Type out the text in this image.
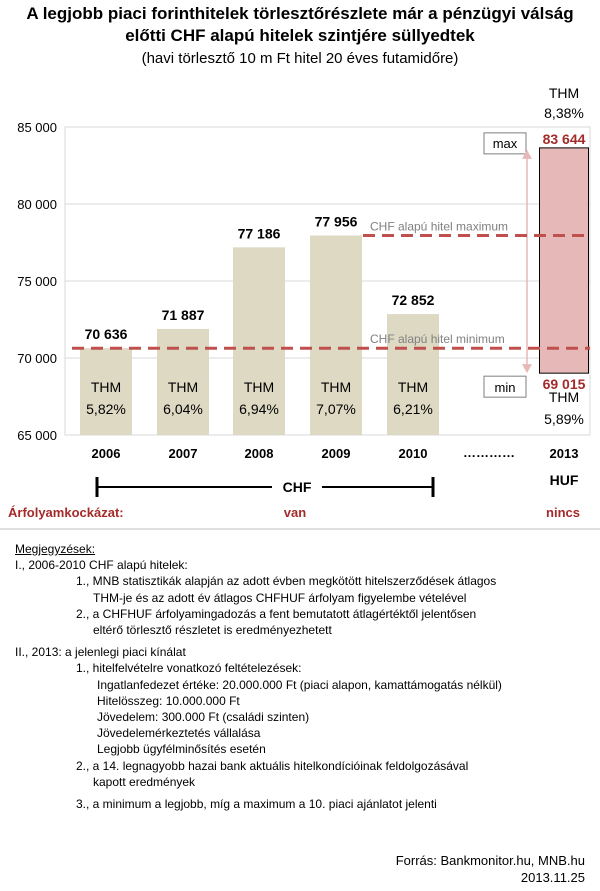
A legjobb piaci forinthitelek törlesztőrészlete már a pénzügyi válság
előtti CHF alapú hitelek szintjére süllyedtek
(havi törlesztő 10 m Ft hitel 20 éves futamidőre)
65 000
70 000
75 000
80 000
85 000
70 636
THM
5,82%
71 887
THM
6,04%
77 186
THM
6,94%
77 956
THM
7,07%
72 852
THM
6,21%
83 644
69 015
THM
8,38%
THM
5,89%
max
min
CHF alapú hitel maximum
CHF alapú hitel minimum
2006	2007	2008	2009	2010	2013
…………
CHF	HUF
Árfolyamkockázat:	van	nincs
Megjegyzések:
I., 2006-2010 CHF alapú hitelek:
1., MNB statisztikák alapján az adott évben megkötött hitelszerződések átlagos
THM-je és az adott év átlagos CHFHUF árfolyam figyelembe vételével
2., a CHFHUF árfolyamingadozás a fent bemutatott átlagértéktől jelentősen
eltérő törlesztő részletet is eredményezhetett
II., 2013: a jelenlegi piaci kínálat
1., hitelfelvételre vonatkozó feltételezések:
Ingatlanfedezet értéke: 20.000.000 Ft (piaci alapon, kamattámogatás nélkül)
Hitelösszeg: 10.000.000 Ft
Jövedelem: 300.000 Ft (családi szinten)
Jövedelemérkeztetés vállalása
Legjobb ügyfélminősítés esetén
2., a 14. legnagyobb hazai bank aktuális hitelkondícióinak feldolgozásával
kapott eredmények
3., a minimum a legjobb, míg a maximum a 10. piaci ajánlatot jelenti
Forrás: Bankmonitor.hu, MNB.hu
2013.11.25
